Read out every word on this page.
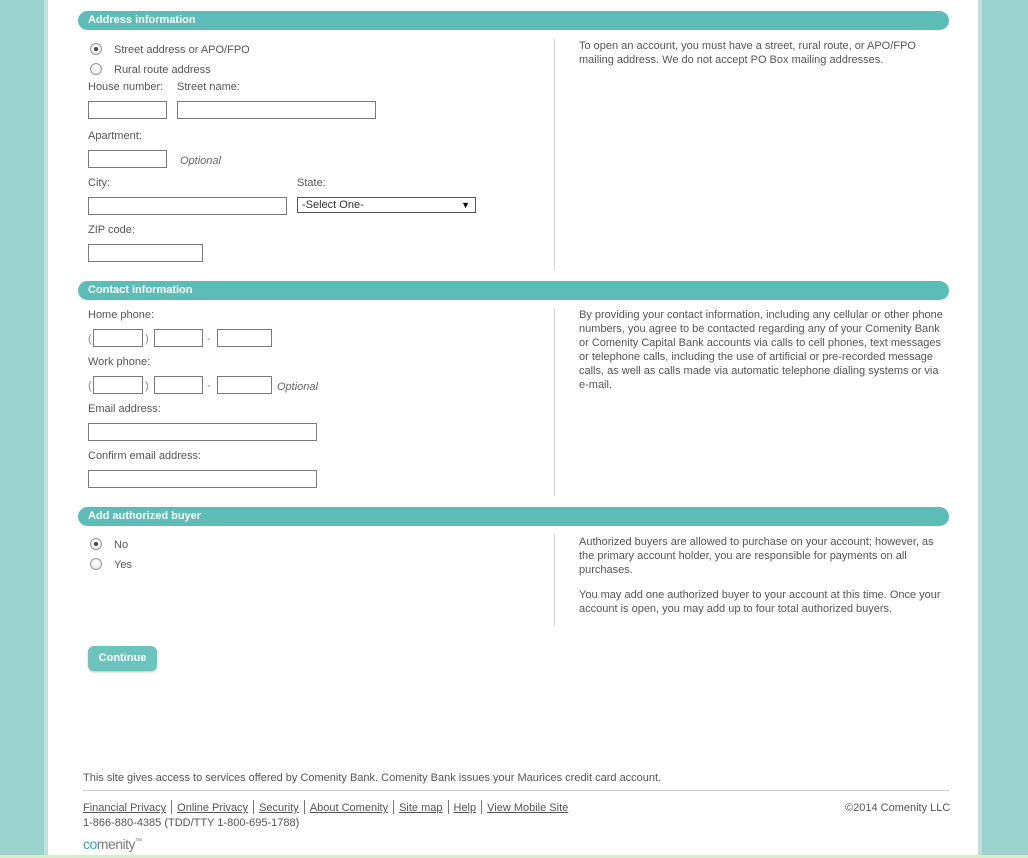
Address information
Street address or APO/FPO
Rural route address
House number: Street name:
Apartment:
Optional
City:	State:
-Select One-	▼
ZIP code:
To open an account, you must have a street, rural route, or APO/FPO mailing address. We do not accept PO Box mailing addresses.
Contact information
Home phone:
(	)	-
Work phone:
(	)	-	Optional
Email address:
Confirm email address:
By providing your contact information, including any cellular or other phone numbers, you agree to be contacted regarding any of your Comenity Bank or Comenity Capital Bank accounts via calls to cell phones, text messages or telephone calls, including the use of artificial or pre-recorded message calls, as well as calls made via automatic telephone dialing systems or via e-mail.
Add authorized buyer
No
Yes

Authorized buyers are allowed to purchase on your account; however, as the primary account holder, you are responsible for payments on all purchases.

You may add one authorized buyer to your account at this time. Once your account is open, you may add up to four total authorized buyers.

Continue
This site gives access to services offered by Comenity Bank. Comenity Bank issues your Maurices credit card account.
Financial Privacy Online Privacy Security About Comenity Site map Help View Mobile Site
1-866-880-4385 (TDD/TTY 1-800-695-1788)
©2014 Comenity LLC
comenity™
